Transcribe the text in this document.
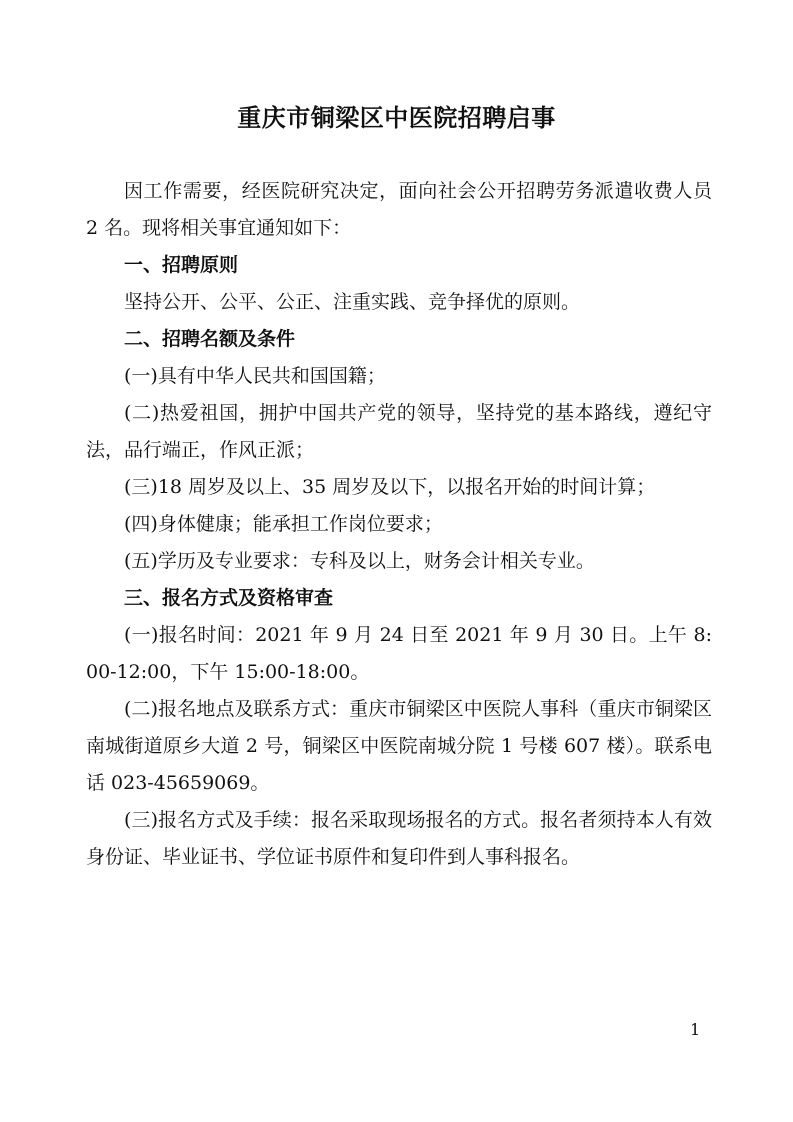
重庆市铜梁区中医院招聘启事

因工作需要，经医院研究决定，面向社会公开招聘劳务派遣收费人员 2 名。现将相关事宜通知如下：

一、招聘原则

坚持公开、公平、公正、注重实践、竞争择优的原则。

二、招聘名额及条件

(一)具有中华人民共和国国籍；

(二)热爱祖国，拥护中国共产党的领导，坚持党的基本路线，遵纪守法，品行端正，作风正派；

(三)18 周岁及以上、35 周岁及以下，以报名开始的时间计算；

(四)身体健康；能承担工作岗位要求；

(五)学历及专业要求：专科及以上，财务会计相关专业。

三、报名方式及资格审查

(一)报名时间：2021 年 9 月 24 日至 2021 年 9 月 30 日。上午 8:00-12:00，下午 15:00-18:00。

(二)报名地点及联系方式：重庆市铜梁区中医院人事科（重庆市铜梁区南城街道原乡大道 2 号，铜梁区中医院南城分院 1 号楼 607 楼）。联系电话 023-45659069。

(三)报名方式及手续：报名采取现场报名的方式。报名者须持本人有效身份证、毕业证书、学位证书原件和复印件到人事科报名。

1
